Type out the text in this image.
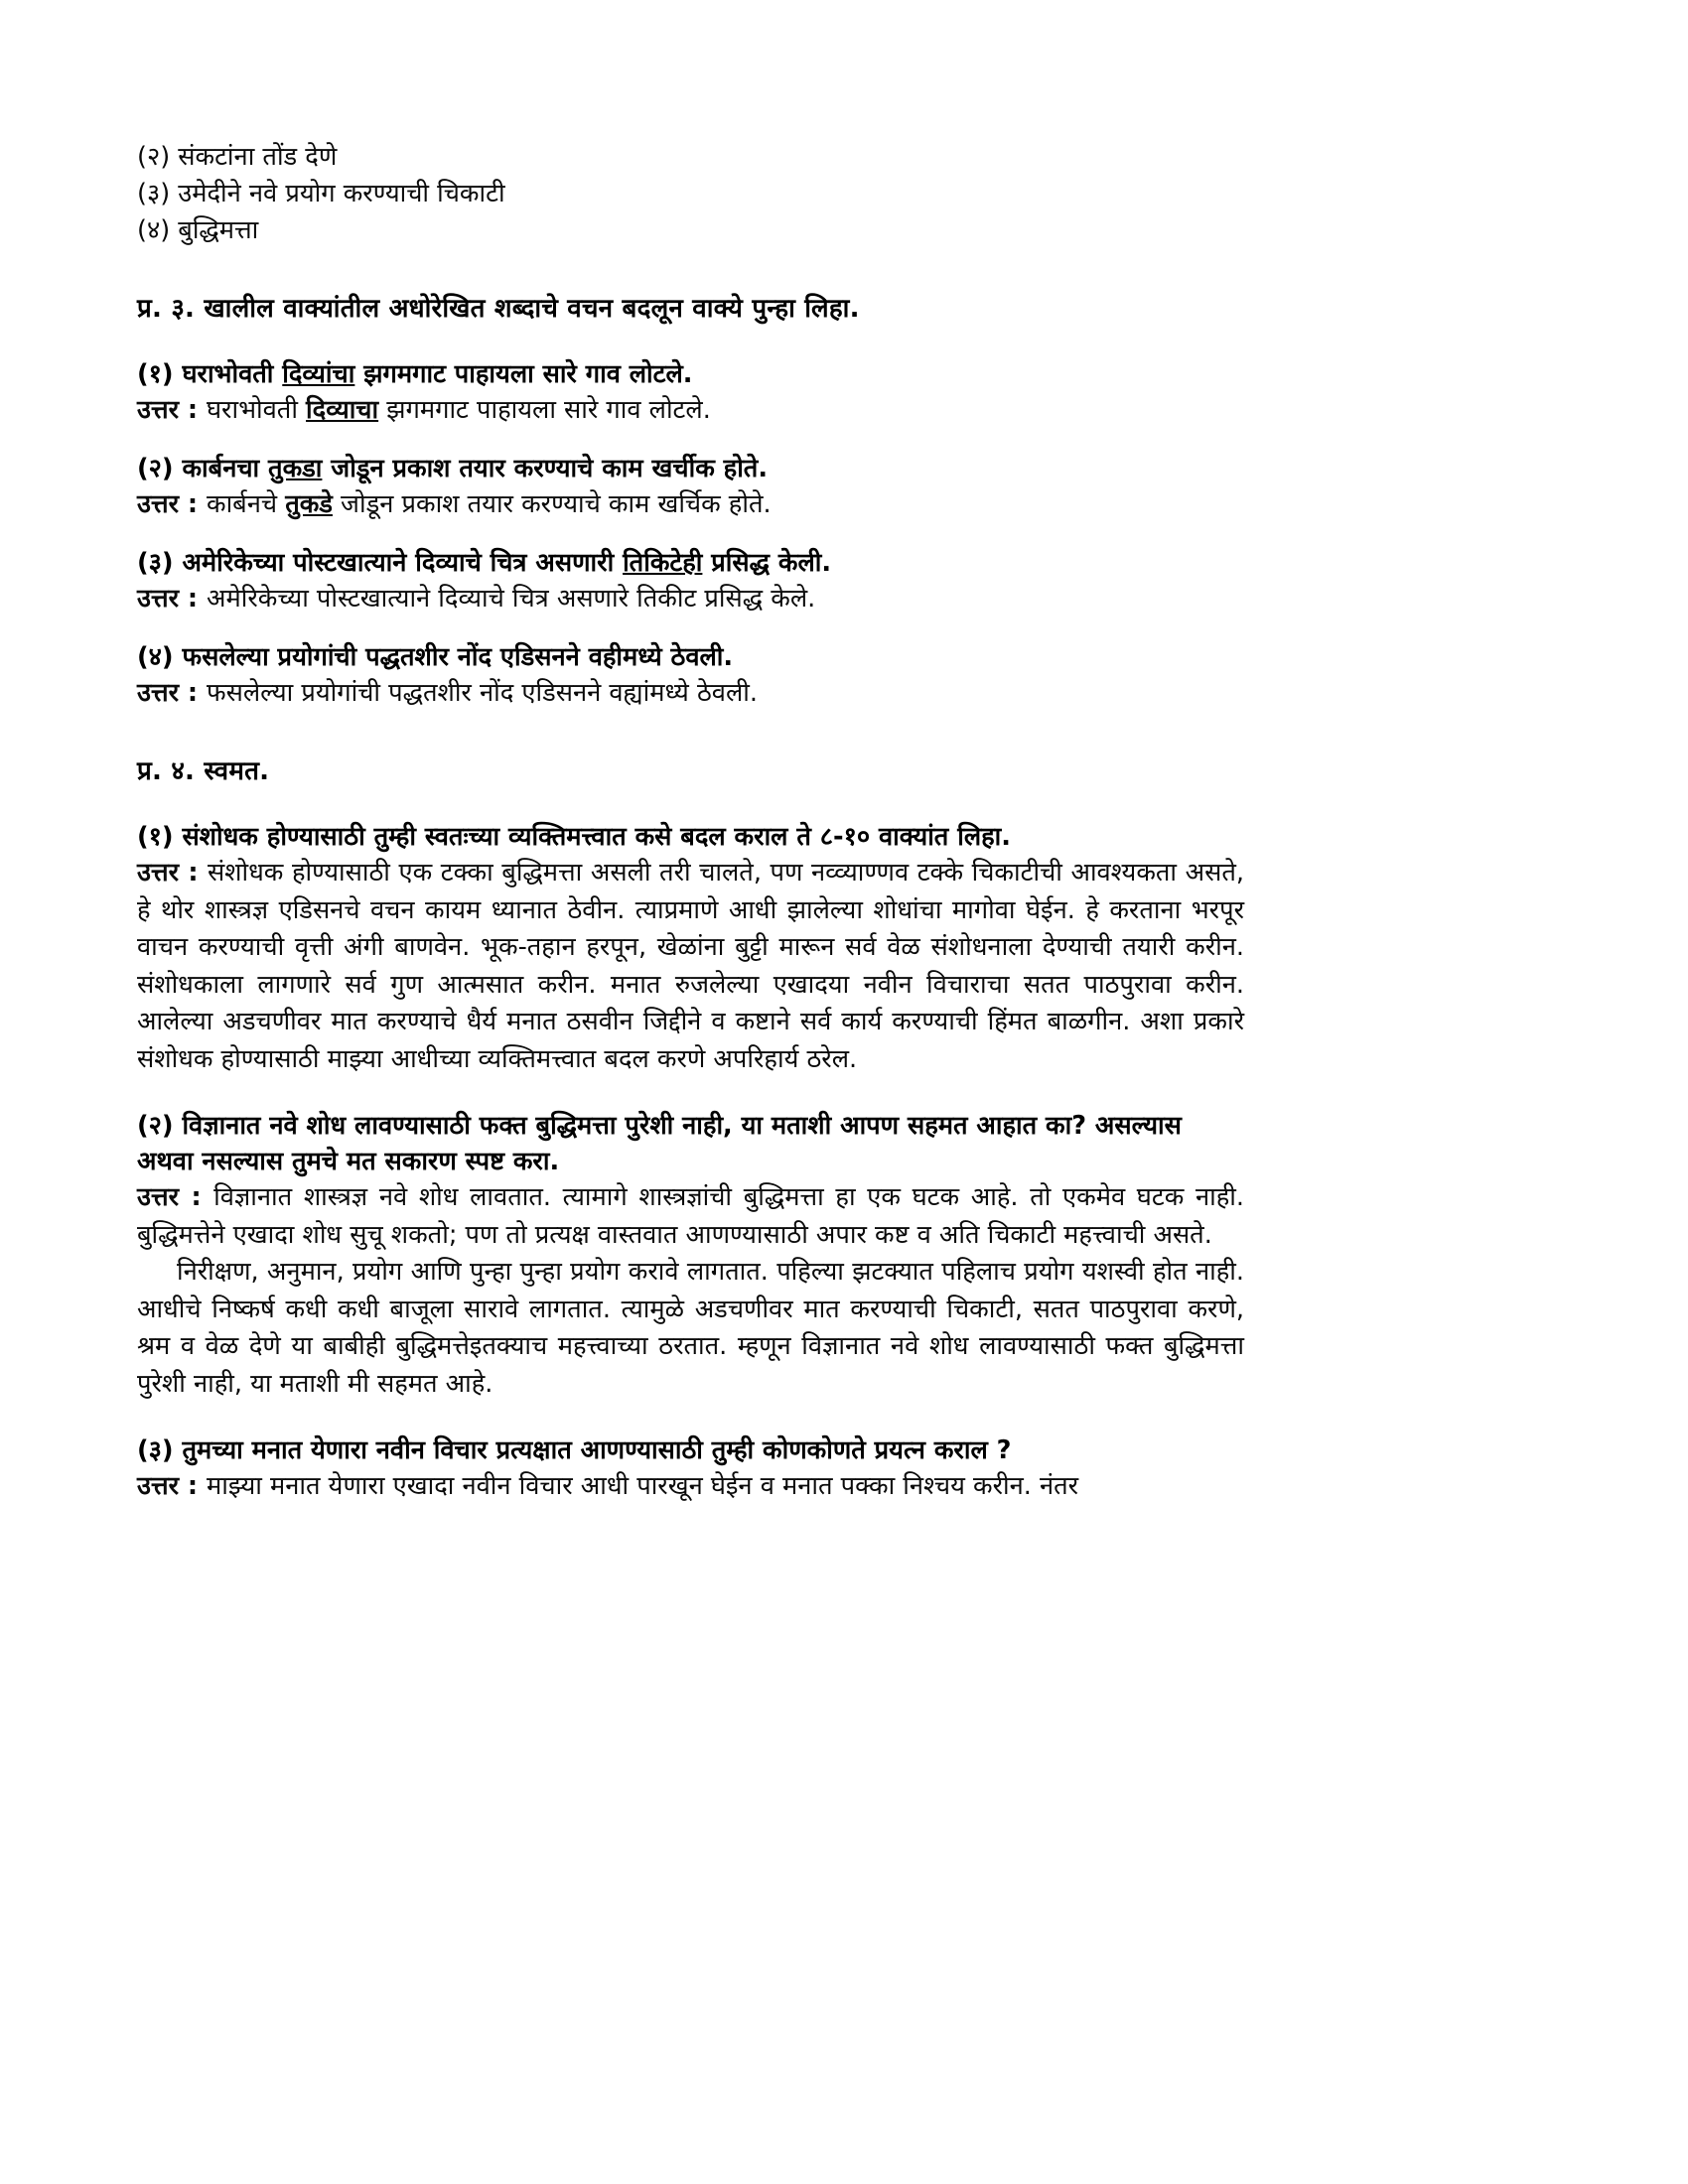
(२) संकटांना तोंड देणे
(३) उमेदीने नवे प्रयोग करण्याची चिकाटी
(४) बुद्धिमत्ता
प्र. ३. खालील वाक्यांतील अधोरेखित शब्दाचे वचन बदलून वाक्ये पुन्हा लिहा.
(१) घराभोवती दिव्यांचा झगमगाट पाहायला सारे गाव लोटले.
उत्तर : घराभोवती दिव्याचा झगमगाट पाहायला सारे गाव लोटले.
(२) कार्बनचा तुकडा जोडून प्रकाश तयार करण्याचे काम खर्चीक होते.
उत्तर : कार्बनचे तुकडे जोडून प्रकाश तयार करण्याचे काम खर्चिक होते.
(३) अमेरिकेच्या पोस्टखात्याने दिव्याचे चित्र असणारी तिकिटेही प्रसिद्ध केली.
उत्तर : अमेरिकेच्या पोस्टखात्याने दिव्याचे चित्र असणारे तिकीट प्रसिद्ध केले.
(४) फसलेल्या प्रयोगांची पद्धतशीर नोंद एडिसनने वहीमध्ये ठेवली.
उत्तर : फसलेल्या प्रयोगांची पद्धतशीर नोंद एडिसनने वह्यांमध्ये ठेवली.
प्र. ४. स्वमत.
(१) संशोधक होण्यासाठी तुम्ही स्वतःच्या व्यक्तिमत्त्वात कसे बदल कराल ते ८-१० वाक्यांत लिहा.
उत्तर : संशोधक होण्यासाठी एक टक्का बुद्धिमत्ता असली तरी चालते, पण नव्व्याण्णव टक्के चिकाटीची आवश्यकता असते, हे थोर शास्त्रज्ञ एडिसनचे वचन कायम ध्यानात ठेवीन. त्याप्रमाणे आधी झालेल्या शोधांचा मागोवा घेईन. हे करताना भरपूर वाचन करण्याची वृत्ती अंगी बाणवेन. भूक-तहान हरपून, खेळांना बुट्टी मारून सर्व वेळ संशोधनाला देण्याची तयारी करीन. संशोधकाला लागणारे सर्व गुण आत्मसात करीन. मनात रुजलेल्या एखादया नवीन विचाराचा सतत पाठपुरावा करीन. आलेल्या अडचणीवर मात करण्याचे धैर्य मनात ठसवीन जिद्दीने व कष्टाने सर्व कार्य करण्याची हिंमत बाळगीन. अशा प्रकारे संशोधक होण्यासाठी माझ्या आधीच्या व्यक्तिमत्त्वात बदल करणे अपरिहार्य ठरेल.
(२) विज्ञानात नवे शोध लावण्यासाठी फक्त बुद्धिमत्ता पुरेशी नाही, या मताशी आपण सहमत आहात का? असल्यास अथवा नसल्यास तुमचे मत सकारण स्पष्ट करा.
उत्तर : विज्ञानात शास्त्रज्ञ नवे शोध लावतात. त्यामागे शास्त्रज्ञांची बुद्धिमत्ता हा एक घटक आहे. तो एकमेव घटक नाही. बुद्धिमत्तेने एखादा शोध सुचू शकतो; पण तो प्रत्यक्ष वास्तवात आणण्यासाठी अपार कष्ट व अति चिकाटी महत्त्वाची असते.
निरीक्षण, अनुमान, प्रयोग आणि पुन्हा पुन्हा प्रयोग करावे लागतात. पहिल्या झटक्यात पहिलाच प्रयोग यशस्वी होत नाही. आधीचे निष्कर्ष कधी कधी बाजूला सारावे लागतात. त्यामुळे अडचणीवर मात करण्याची चिकाटी, सतत पाठपुरावा करणे, श्रम व वेळ देणे या बाबीही बुद्धिमत्तेइतक्याच महत्त्वाच्या ठरतात. म्हणून विज्ञानात नवे शोध लावण्यासाठी फक्त बुद्धिमत्ता पुरेशी नाही, या मताशी मी सहमत आहे.
(३) तुमच्या मनात येणारा नवीन विचार प्रत्यक्षात आणण्यासाठी तुम्ही कोणकोणते प्रयत्न कराल ?
उत्तर : माझ्या मनात येणारा एखादा नवीन विचार आधी पारखून घेईन व मनात पक्का निश्चय करीन. नंतर
